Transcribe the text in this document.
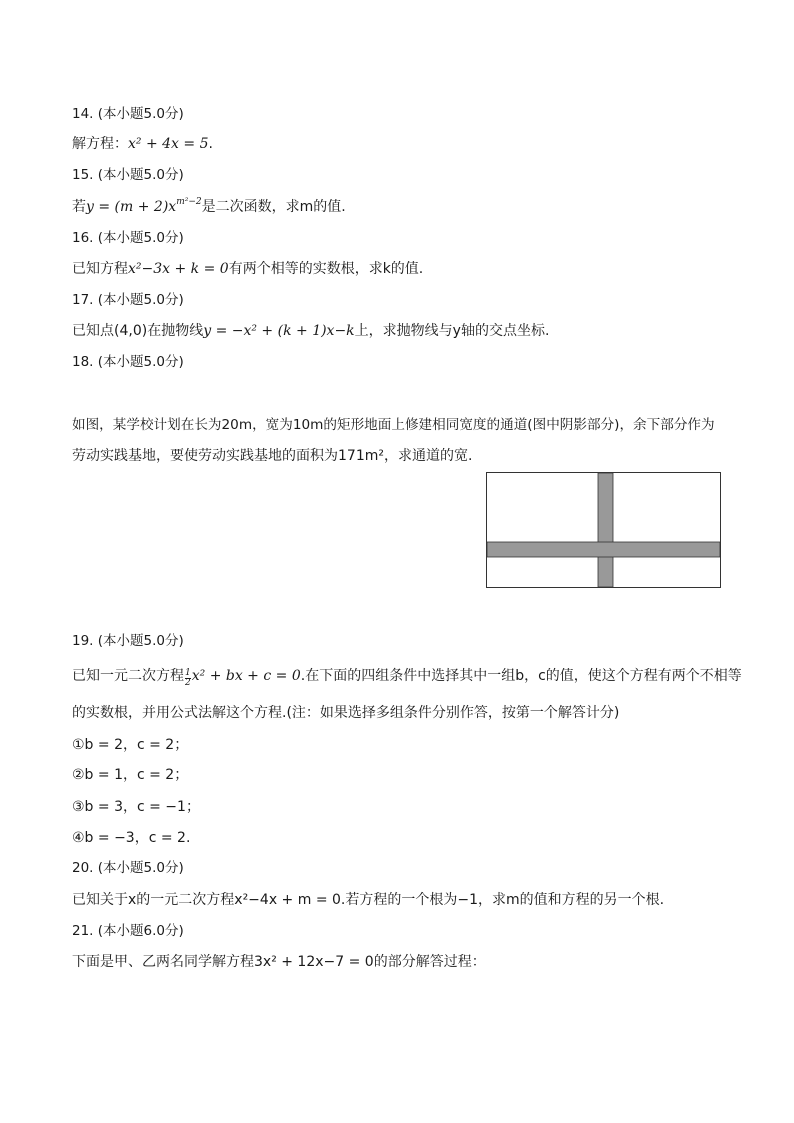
14. (本小题5.0分)
解方程：x² + 4x = 5.
15. (本小题5.0分)
若$y = (m + 2)x^{m^2-2}$是二次函数，求m的值.
16. (本小题5.0分)
已知方程x²−3x + k = 0有两个相等的实数根，求k的值.
17. (本小题5.0分)
已知点(4,0)在抛物线y = −x² + (k + 1)x−k上，求抛物线与y轴的交点坐标.
18. (本小题5.0分)
如图，某学校计划在长为20m，宽为10m的矩形地面上修建相同宽度的通道(图中阴影部分)，余下部分作为
劳动实践基地，要使劳动实践基地的面积为171m²，求通道的宽.
19. (本小题5.0分)
已知一元二次方程 $\frac{1}{2} x^2$ + bx + c = 0.在下面的四组条件中选择其中一组b，c的值，使这个方程有两个不相等
的实数根，并用公式法解这个方程.(注：如果选择多组条件分别作答，按第一个解答计分)
①b = 2，c = 2；
②b = 1，c = 2；
③b = 3，c = −1；
④b = −3，c = 2.
20. (本小题5.0分)
已知关于x的一元二次方程x²−4x + m = 0.若方程的一个根为−1，求m的值和方程的另一个根.
21. (本小题6.0分)
下面是甲、乙两名同学解方程3x² + 12x−7 = 0的部分解答过程：
